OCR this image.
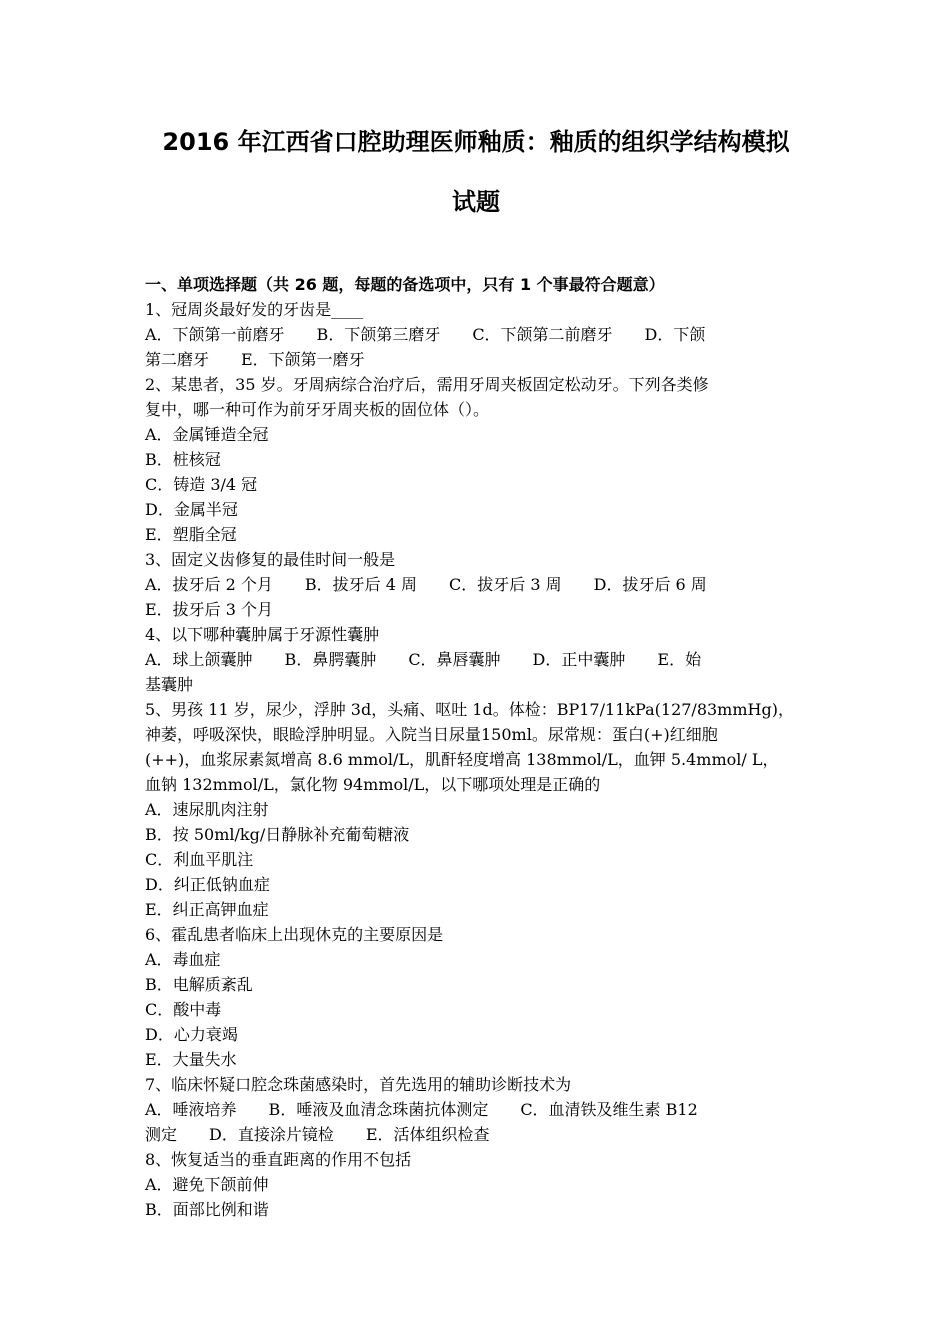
2016 年江西省口腔助理医师釉质：釉质的组织学结构模拟
试题
一、单项选择题（共 26 题，每题的备选项中，只有 1 个事最符合题意）
1、冠周炎最好发的牙齿是____
A．下颌第一前磨牙　　B．下颌第三磨牙　　C．下颌第二前磨牙　　D．下颌
第二磨牙　　E．下颌第一磨牙
2、某患者，35 岁。牙周病综合治疗后，需用牙周夹板固定松动牙。下列各类修
复中，哪一种可作为前牙牙周夹板的固位体（）。
A．金属锤造全冠
B．桩核冠
C．铸造 3/4 冠
D．金属半冠
E．塑脂全冠
3、固定义齿修复的最佳时间一般是
A．拔牙后 2 个月　　B．拔牙后 4 周　　C．拔牙后 3 周　　D．拔牙后 6 周
E．拔牙后 3 个月
4、以下哪种囊肿属于牙源性囊肿
A．球上颌囊肿　　B．鼻腭囊肿　　C．鼻唇囊肿　　D．正中囊肿　　E．始
基囊肿
5、男孩 11 岁，尿少，浮肿 3d，头痛、呕吐 1d。体检：BP17/11kPa(127/83mmHg)，
神萎，呼吸深快，眼睑浮肿明显。入院当日尿量150ml。尿常规：蛋白(+)红细胞
(++)，血浆尿素氮增高 8.6 mmol/L，肌酐轻度增高 138mmol/L，血钾 5.4mmol/ L，
血钠 132mmol/L，氯化物 94mmol/L，以下哪项处理是正确的
A．速尿肌肉注射
B．按 50ml/kg/日静脉补充葡萄糖液
C．利血平肌注
D．纠正低钠血症
E．纠正高钾血症
6、霍乱患者临床上出现休克的主要原因是
A．毒血症
B．电解质紊乱
C．酸中毒
D．心力衰竭
E．大量失水
7、临床怀疑口腔念珠菌感染时，首先选用的辅助诊断技术为
A．唾液培养　　B．唾液及血清念珠菌抗体测定　　C．血清铁及维生素 B12
测定　　D．直接涂片镜检　　E．活体组织检查
8、恢复适当的垂直距离的作用不包括
A．避免下颌前伸
B．面部比例和谐
